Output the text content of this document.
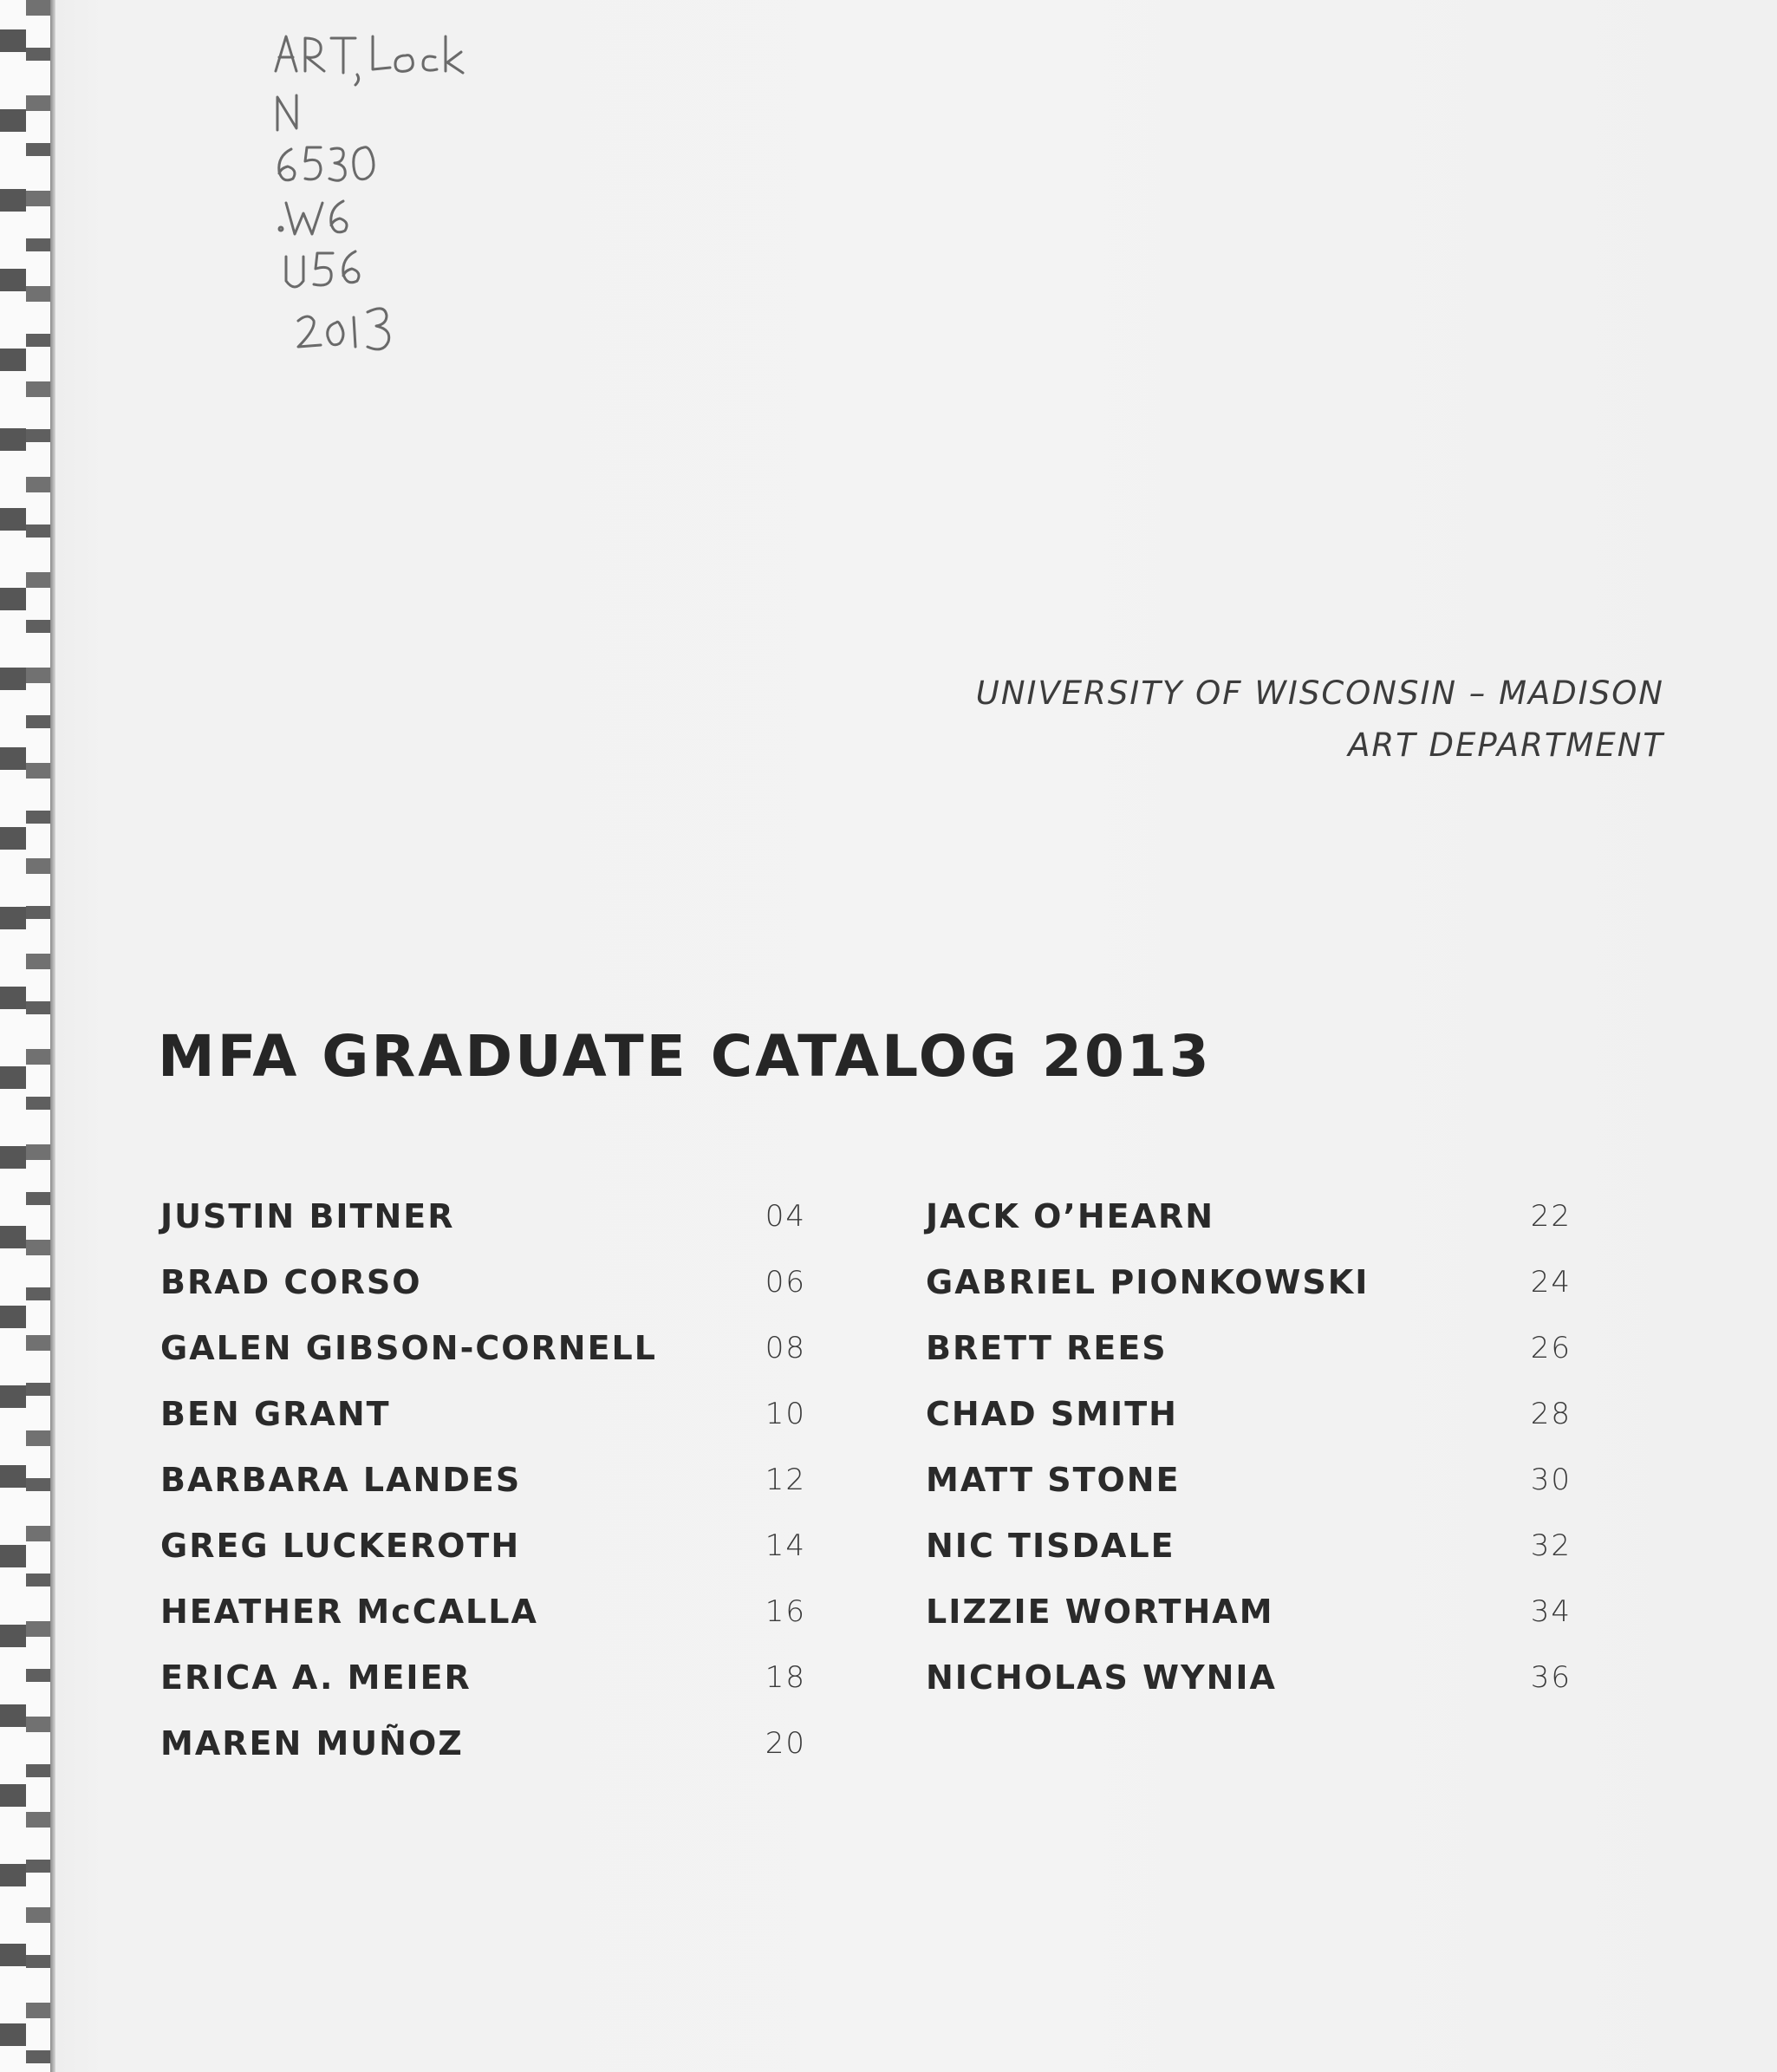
UNIVERSITY OF WISCONSIN – MADISON
ART DEPARTMENT
MFA GRADUATE CATALOG 2013
JUSTIN BITNER	04
BRAD CORSO	06
GALEN GIBSON-CORNELL	08
BEN GRANT	10
BARBARA LANDES	12
GREG LUCKEROTH	14
HEATHER McCALLA	16
ERICA A. MEIER	18
MAREN MUÑOZ	20
JACK O’HEARN	22
GABRIEL PIONKOWSKI	24
BRETT REES	26
CHAD SMITH	28
MATT STONE	30
NIC TISDALE	32
LIZZIE WORTHAM	34
NICHOLAS WYNIA	36
